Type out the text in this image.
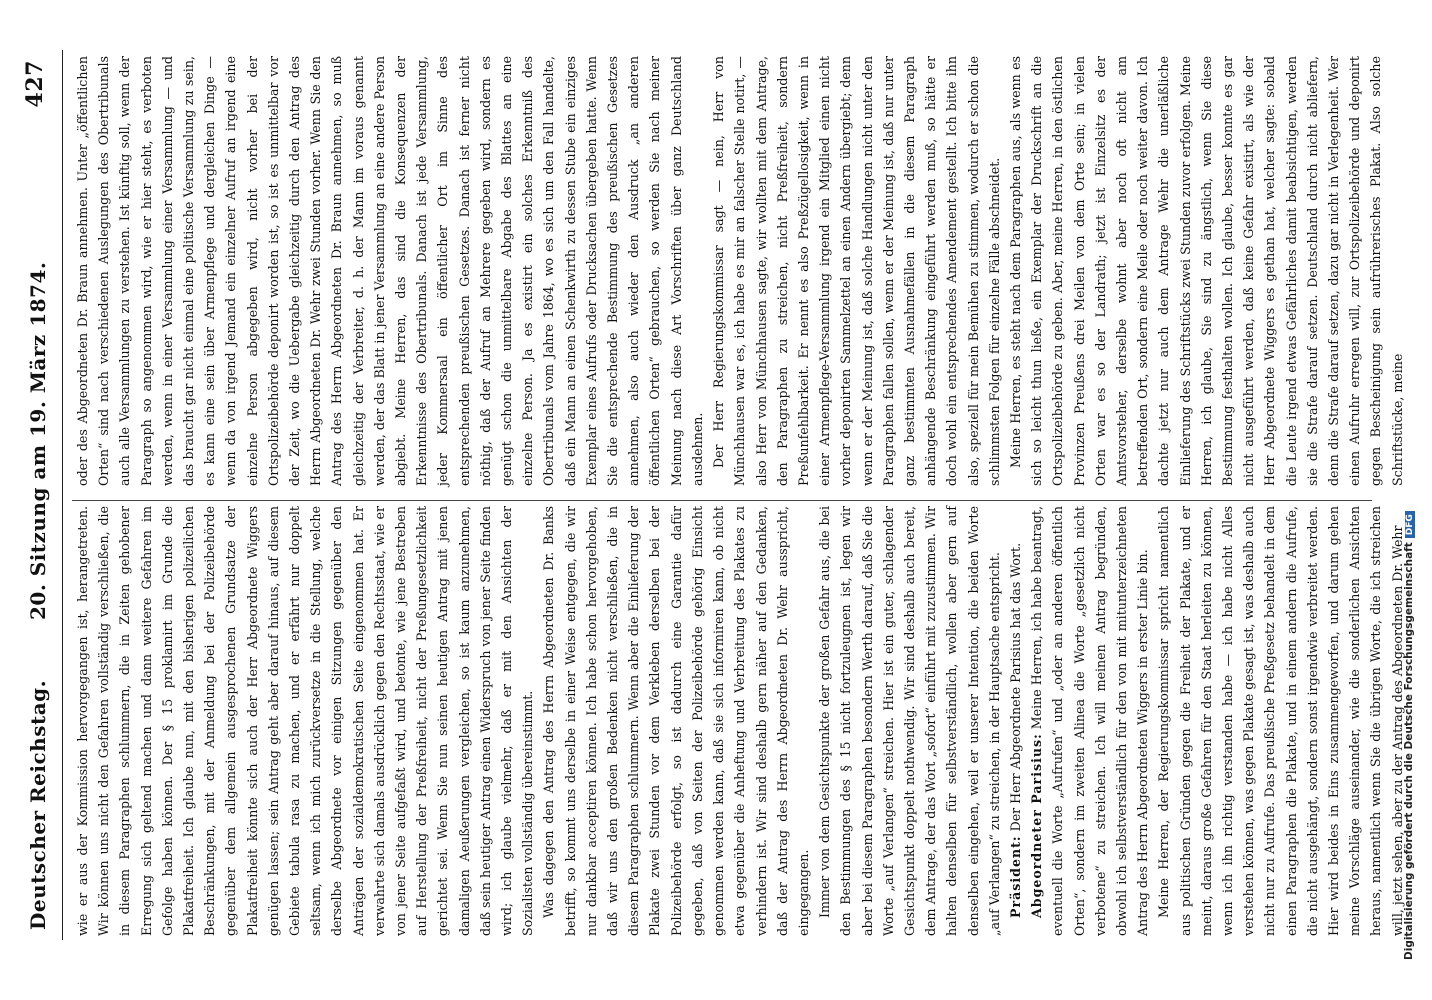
Deutscher Reichstag.
20. Sitzung am 19. März 1874.
427

wie er aus der Kommission hervorgegangen ist, herangetreten. Wir können uns nicht den Gefahren vollständig verschließen, die in diesem Paragraphen schlummern, die in Zeiten gehobener Erregung sich geltend machen und dann weitere Gefahren im Gefolge haben können. Der § 15 proklamirt im Grunde die Plakatfreiheit. Ich glaube nun, mit den bisherigen polizeilichen Beschränkungen, mit der Anmeldung bei der Polizeibehörde gegenüber dem allgemein ausgesprochenen Grundsatze der Plakatfreiheit könnte sich auch der Herr Abgeordnete Wiggers genügen lassen; sein Antrag geht aber darauf hinaus, auf diesem Gebiete tabula rasa zu machen, und er erfährt nur doppelt seltsam, wenn ich mich zurückversetze in die Stellung, welche derselbe Abgeordnete vor einigen Sitzungen gegenüber den Anträgen der sozialdemokratischen Seite eingenommen hat. Er verwahrte sich damals ausdrücklich gegen den Rechtsstaat, wie er von jener Seite aufgefaßt wird, und betonte, wie jene Bestreben auf Herstellung der Preßfreiheit, nicht der Preßungesetzlichkeit gerichtet sei. Wenn Sie nun seinen heutigen Antrag mit jenen damaligen Aeußerungen vergleichen, so ist kaum anzunehmen, daß sein heutiger Antrag einen Widerspruch von jener Seite finden wird; ich glaube vielmehr, daß er mit den Ansichten der Sozialisten vollständig übereinstimmt. Was dagegen den Antrag des Herrn Abgeordneten Dr. Banks betrifft, so kommt uns derselbe in einer Weise entgegen, die wir nur dankbar acceptiren können. Ich habe schon hervorgehoben, daß wir uns den großen Bedenken nicht verschließen, die in diesem Paragraphen schlummern. Wenn aber die Einlieferung der Plakate zwei Stunden vor dem Verkleben derselben bei der Polizeibehörde erfolgt, so ist dadurch eine Garantie dafür gegeben, daß von Seiten der Polizeibehörde gehörig Einsicht genommen werden kann, daß sie sich informiren kann, ob nicht etwa gegenüber die Anheftung und Verbreitung des Plakates zu verhindern ist. Wir sind deshalb gern näher auf den Gedanken, daß der Antrag des Herrn Abgeordneten Dr. Wehr ausspricht, eingegangen. Immer von dem Gesichtspunkte der großen Gefahr aus, die bei den Bestimmungen des § 15 nicht fortzuleugnen ist, legen wir aber bei diesem Paragraphen besondern Werth darauf, daß Sie die Worte „auf Verlangen“ streichen. Hier ist ein guter, schlagender Gesichtspunkt doppelt nothwendig. Wir sind deshalb auch bereit, dem Antrage, der das Wort „sofort“ einführt mit zuzustimmen. Wir halten denselben für selbstverständlich, wollen aber gern auf denselben eingehen, weil er unserer Intention, die beiden Worte „auf Verlangen“ zu streichen, in der Hauptsache entspricht. Präsident: Der Herr Abgeordnete Parisius hat das Wort. Abgeordneter Parisius: Meine Herren, ich habe beantragt, eventuell die Worte „Aufrufen“ und „oder an anderen öffentlich Orten“, sondern im zweiten Alinea die Worte „gesetzlich nicht verbotene“ zu streichen. Ich will meinen Antrag begründen, obwohl ich selbstverständlich für den von mit mitunterzeichneten Antrag des Herrn Abgeordneten Wiggers in erster Linie bin. Meine Herren, der Regierungskommissar spricht namentlich aus politischen Gründen gegen die Freiheit der Plakate, und er meint, daraus große Gefahren für den Staat herleiten zu können, wenn ich ihn richtig verstanden habe — ich habe nicht Alles verstehen können, was gegen Plakate gesagt ist, was deshalb auch nicht nur zu Aufrufe. Das preußische Preßgesetz behandelt in dem einen Paragraphen die Plakate, und in einem andern die Aufrufe, die nicht ausgehängt, sondern sonst irgendwie verbreitet werden. Hier wird beides in Eins zusammengeworfen, und darum gehen meine Vorschläge auseinander, wie die sonderlichen Ansichten heraus, namentlich wenn Sie die übrigen Worte, die ich streichen will, jetzt sehen, aber zu der Antrag des Abgeordneten Dr. Wehr

oder des Abgeordneten Dr. Braun annehmen. Unter „öffentlichen Orten“ sind nach verschiedenen Auslegungen des Obertribunals auch alle Versammlungen zu verstehen. Ist künftig soll, wenn der Paragraph so angenommen wird, wie er hier steht, es verboten werden, wenn in einer Versammlung einer Versammlung — und das braucht gar nicht einmal eine politische Versammlung zu sein, es kann eine sein über Armenpflege und dergleichen Dinge — wenn da von irgend Jemand ein einzelner Aufruf an irgend eine einzelne Person abgegeben wird, nicht vorher bei der Ortspolizeibehörde deponirt worden ist, so ist es unmittelbar vor der Zeit, wo die Uebergabe gleichzeitig durch den Antrag des Herrn Abgeordneten Dr. Wehr zwei Stunden vorher. Wenn Sie den Antrag des Herrn Abgeordneten Dr. Braun annehmen, so muß gleichzeitig der Verbreiter, d. h. der Mann im voraus genannt werden, der das Blatt in jener Versammlung an eine andere Person abgiebt. Meine Herren, das sind die Konsequenzen der Erkenntnisse des Obertribunals. Danach ist jede Versammlung, jeder Kommersaal ein öffentlicher Ort im Sinne des entsprechenden preußischen Gesetzes. Danach ist ferner nicht nöthig, daß der Aufruf an Mehrere gegeben wird, sondern es genügt schon die unmittelbare Abgabe des Blattes an eine einzelne Person. Ja es existirt ein solches Erkenntniß des Obertribunals vom Jahre 1864, wo es sich um den Fall handelte, daß ein Mann an einen Schenkwirth zu dessen Stube ein einziges Exemplar eines Aufrufs oder Drucksachen übergeben hatte. Wenn Sie die entsprechende Bestimmung des preußischen Gesetzes annehmen, also auch wieder den Ausdruck „an anderen öffentlichen Orten“ gebrauchen, so werden Sie nach meiner Meinung nach diese Art Vorschriften über ganz Deutschland ausdehnen. Der Herr Regierungskommissar sagt — nein, Herr von Münchhausen war es, ich habe es mir an falscher Stelle notirt, — also Herr von Münchhausen sagte, wir wollten mit dem Antrage, den Paragraphen zu streichen, nicht Preßfreiheit, sondern Preßunfehlbarkeit. Er nennt es also Preßzügellosigkeit, wenn in einer Armenpflege-Versammlung irgend ein Mitglied einen nicht vorher deponirten Sammelzettel an einen Andern übergiebt; denn wenn er der Meinung ist, daß solche Handlungen nicht unter den Paragraphen fallen sollen, wenn er der Meinung ist, daß nur unter ganz bestimmten Ausnahmefällen in die diesem Paragraph anhängende Beschränkung eingeführt werden muß, so hätte er doch wohl ein entsprechendes Amendement gestellt. Ich bitte ihn also, speziell für mein Bemühen zu stimmen, wodurch er schon die schlimmsten Folgen für einzelne Fälle abschneidet. Meine Herren, es steht nach dem Paragraphen aus, als wenn es sich so leicht thun ließe, ein Exemplar der Druckschrift an die Ortspolizeibehörde zu geben. Aber, meine Herren, in den östlichen Provinzen Preußens drei Meilen von dem Orte sein; in vielen Orten war es so der Landrath; jetzt ist Einzelsitz es der Amtsvorsteher, derselbe wohnt aber noch oft nicht am betreffenden Ort, sondern eine Meile oder noch weiter davon. Ich dachte jetzt nur auch dem Antrage Wehr die unerläßliche Einlieferung des Schriftstücks zwei Stunden zuvor erfolgen. Meine Herren, ich glaube, Sie sind zu ängstlich, wenn Sie diese Bestimmung festhalten wollen. Ich glaube, besser konnte es gar nicht ausgeführt werden, daß keine Gefahr existirt, als wie der Herr Abgeordnete Wiggers es gethan hat, welcher sagte: sobald die Leute irgend etwas Gefährliches damit beabsichtigen, werden sie die Strafe darauf setzen. Deutschland durch nicht abliefern, denn die Strafe darauf setzen, dazu gar nicht in Verlegenheit. Wer einen Aufruhr erregen will, zur Ortspolizeibehörde und deponirt gegen Bescheinigung sein aufrührerisches Plakat. Also solche Schriftstücke, meine

Digitalisierung gefördert durch die Deutsche ForschungsgemeinschaftDFG
